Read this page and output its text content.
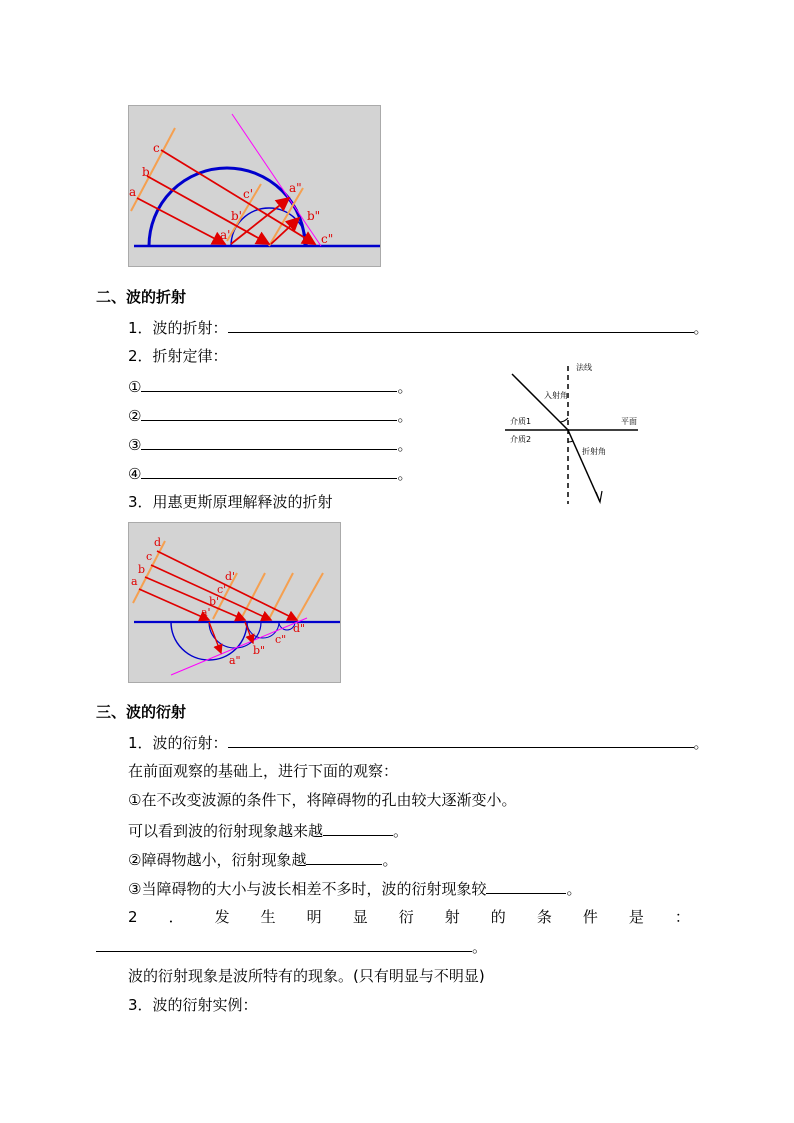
a
b
c
a'
b'
c'	a"
b"
c"
二、波的折射
1．波的折射：	。
2．折射定律：
①	。
②	。
③	。
④	。
法线
入射角
平面
介质1
介质2
折射角
3．用惠更斯原理解释波的折射
a
b
c
d
a'
b'
c'
d'
a"
b"
c"
d"
三、波的衍射
1．波的衍射：	。
在前面观察的基础上，进行下面的观察：
①在不改变波源的条件下，将障碍物的孔由较大逐渐变小。
可以看到波的衍射现象越来越	。
②障碍物越小，衍射现象越	。
③当障碍物的大小与波长相差不多时，波的衍射现象较	。
2 ． 发 生 明 显 衍 射 的 条 件 是 ：
。
波的衍射现象是波所特有的现象。(只有明显与不明显)
3．波的衍射实例：
